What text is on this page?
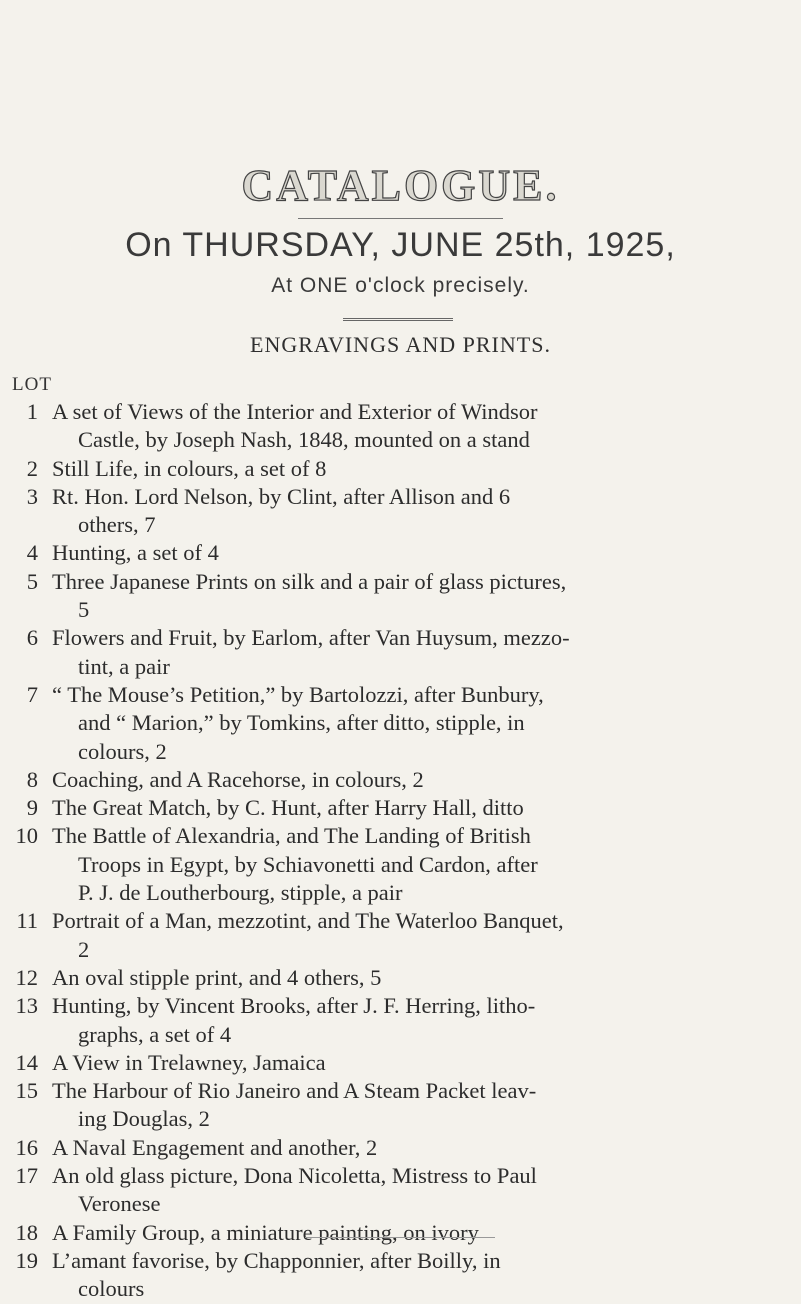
CATALOGUE.
On THURSDAY, JUNE 25th, 1925,
At ONE o'clock precisely.
ENGRAVINGS AND PRINTS.
LOT
1 A set of Views of the Interior and Exterior of Windsor
Castle, by Joseph Nash, 1848, mounted on a stand
2 Still Life, in colours, a set of 8
3 Rt. Hon. Lord Nelson, by Clint, after Allison and 6
others, 7
4 Hunting, a set of 4
5 Three Japanese Prints on silk and a pair of glass pictures,
5
6 Flowers and Fruit, by Earlom, after Van Huysum, mezzo-
tint, a pair
7 “ The Mouse’s Petition,” by Bartolozzi, after Bunbury,
and “ Marion,” by Tomkins, after ditto, stipple, in
colours, 2
8 Coaching, and A Racehorse, in colours, 2
9 The Great Match, by C. Hunt, after Harry Hall, ditto
10 The Battle of Alexandria, and The Landing of British
Troops in Egypt, by Schiavonetti and Cardon, after
P. J. de Loutherbourg, stipple, a pair
11 Portrait of a Man, mezzotint, and The Waterloo Banquet,
2
12 An oval stipple print, and 4 others, 5
13 Hunting, by Vincent Brooks, after J. F. Herring, litho-
graphs, a set of 4
14 A View in Trelawney, Jamaica
15 The Harbour of Rio Janeiro and A Steam Packet leav-
ing Douglas, 2
16 A Naval Engagement and another, 2
17 An old glass picture, Dona Nicoletta, Mistress to Paul
Veronese
18 A Family Group, a miniature painting, on ivory
19 L’amant favorise, by Chapponnier, after Boilly, in
colours
